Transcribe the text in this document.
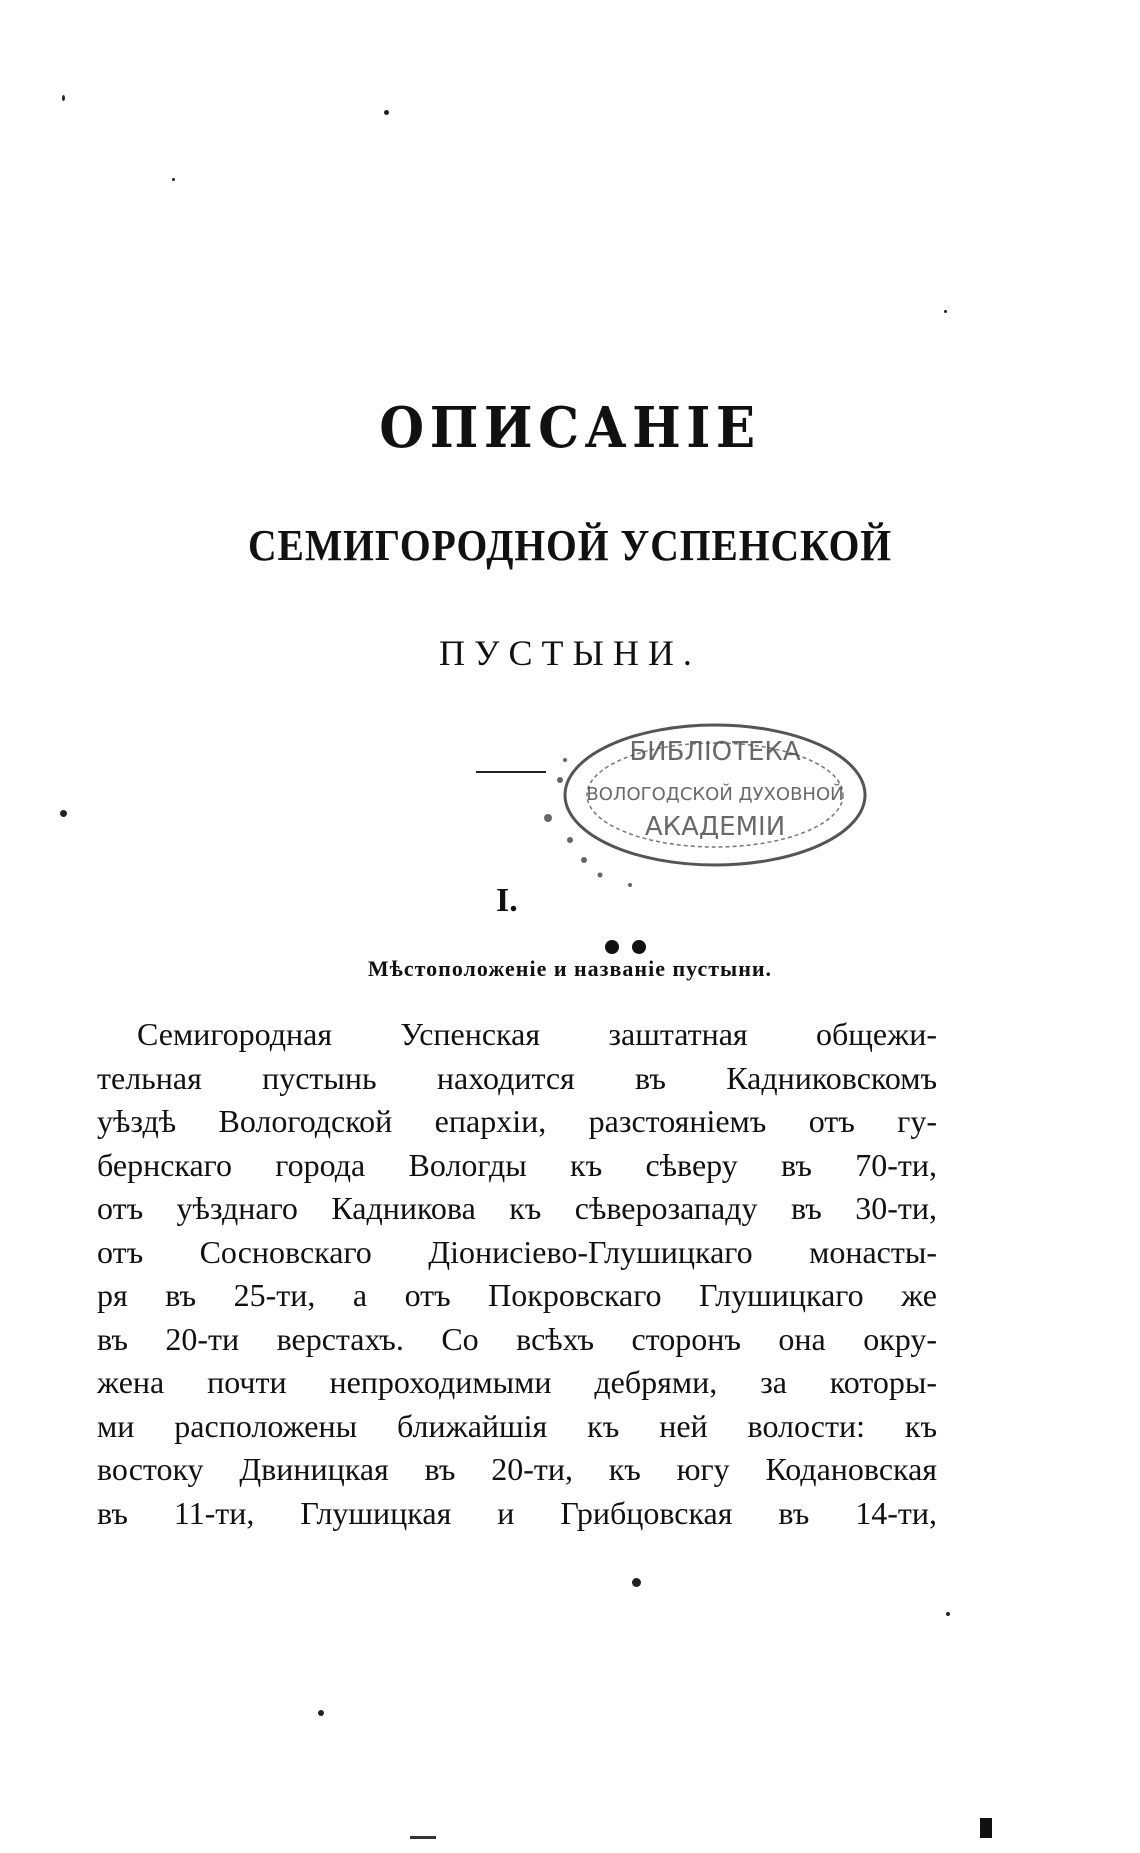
ОПИСАНІЕ
СЕМИГОРОДНОЙ УСПЕНСКОЙ
ПУСТЫНИ.
БИБЛІОТЕКА
ВОЛОГОДСКОЙ ДУХОВНОЙ
АКАДЕМІИ
I.
Мѣстоположеніе и названіе пустыни.
Семигородная Успенская заштатная общежи-
тельная пустынь находится въ Кадниковскомъ
уѣздѣ Вологодской епархіи, разстояніемъ отъ гу-
бернскаго города Вологды къ сѣверу въ 70-ти,
отъ уѣзднаго Кадникова къ сѣверозападу въ 30-ти,
отъ Сосновскаго Діонисіево-Глушицкаго монасты-
ря въ 25-ти, а отъ Покровскаго Глушицкаго же
въ 20-ти верстахъ. Со всѣхъ сторонъ она окру-
жена почти непроходимыми дебрями, за которы-
ми расположены ближайшія къ ней волости: къ
востоку Двиницкая въ 20-ти, къ югу Кодановская
въ 11-ти, Глушицкая и Грибцовская въ 14-ти,
